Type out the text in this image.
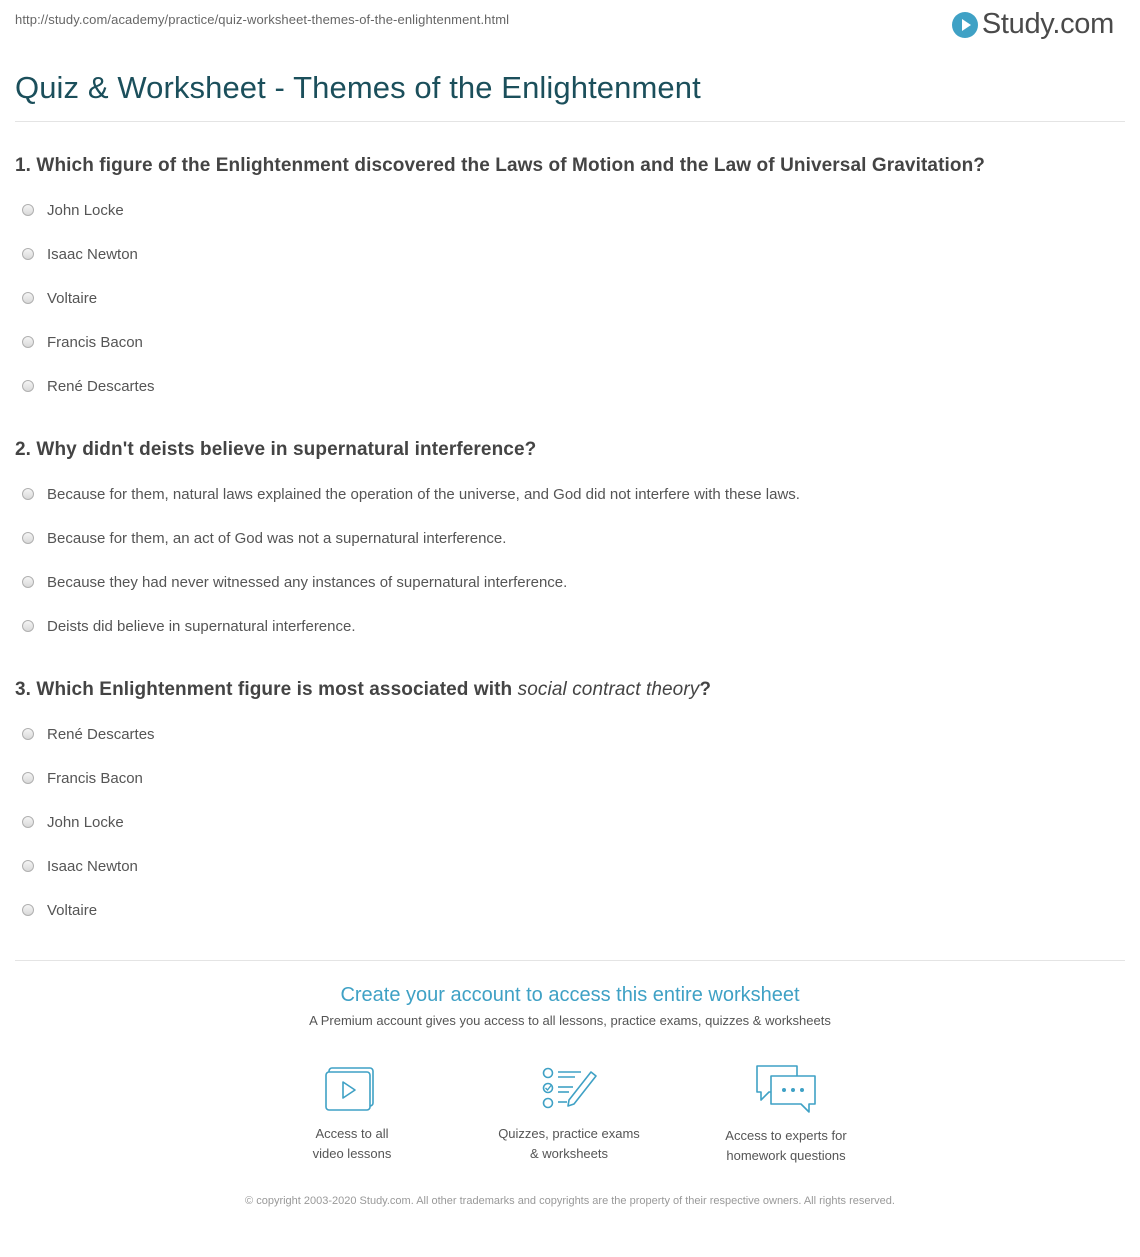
http://study.com/academy/practice/quiz-worksheet-themes-of-the-enlightenment.html	Study.com
Quiz & Worksheet - Themes of the Enlightenment
1. Which figure of the Enlightenment discovered the Laws of Motion and the Law of Universal Gravitation?
John Locke
Isaac Newton
Voltaire
Francis Bacon
René Descartes
2. Why didn't deists believe in supernatural interference?
Because for them, natural laws explained the operation of the universe, and God did not interfere with these laws.
Because for them, an act of God was not a supernatural interference.
Because they had never witnessed any instances of supernatural interference.
Deists did believe in supernatural interference.
3. Which Enlightenment figure is most associated with social contract theory?
René Descartes
Francis Bacon
John Locke
Isaac Newton
Voltaire
Create your account to access this entire worksheet
A Premium account gives you access to all lessons, practice exams, quizzes & worksheets
Access to all
video lessons
Quizzes, practice exams
& worksheets
Access to experts for
homework questions
© copyright 2003-2020 Study.com. All other trademarks and copyrights are the property of their respective owners. All rights reserved.
